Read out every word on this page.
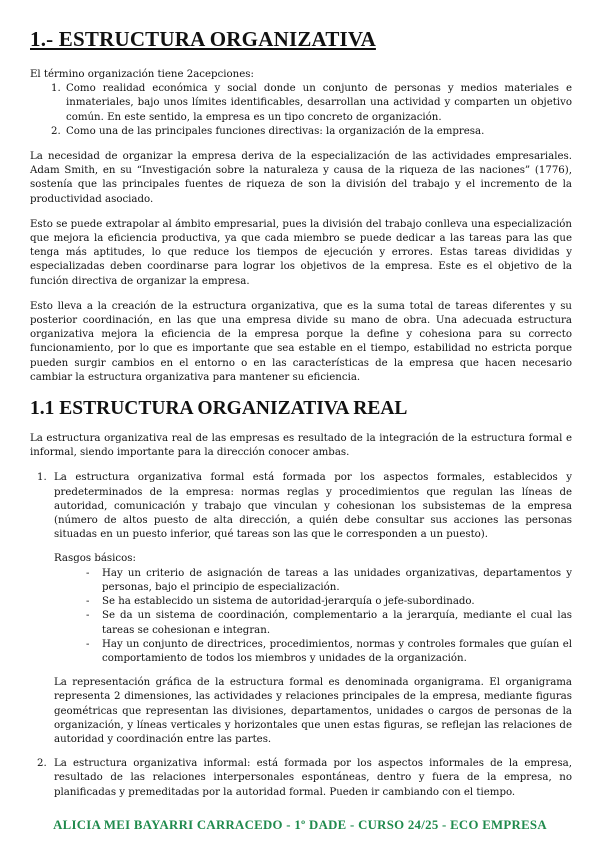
1.- ESTRUCTURA ORGANIZATIVA

El término organización tiene 2acepciones:

1. Como realidad económica y social donde un conjunto de personas y medios materiales e inmateriales, bajo unos límites identificables, desarrollan una actividad y comparten un objetivo común. En este sentido, la empresa es un tipo concreto de organización.
2. Como una de las principales funciones directivas: la organización de la empresa.

La necesidad de organizar la empresa deriva de la especialización de las actividades empresariales. Adam Smith, en su “Investigación sobre la naturaleza y causa de la riqueza de las naciones” (1776), sostenía que las principales fuentes de riqueza de son la división del trabajo y el incremento de la productividad asociado.

Esto se puede extrapolar al ámbito empresarial, pues la división del trabajo conlleva una especialización que mejora la eficiencia productiva, ya que cada miembro se puede dedicar a las tareas para las que tenga más aptitudes, lo que reduce los tiempos de ejecución y errores. Estas tareas divididas y especializadas deben coordinarse para lograr los objetivos de la empresa. Este es el objetivo de la función directiva de organizar la empresa.

Esto lleva a la creación de la estructura organizativa, que es la suma total de tareas diferentes y su posterior coordinación, en las que una empresa divide su mano de obra. Una adecuada estructura organizativa mejora la eficiencia de la empresa porque la define y cohesiona para su correcto funcionamiento, por lo que es importante que sea estable en el tiempo, estabilidad no estricta porque pueden surgir cambios en el entorno o en las características de la empresa que hacen necesario cambiar la estructura organizativa para mantener su eficiencia.

1.1 ESTRUCTURA ORGANIZATIVA REAL

La estructura organizativa real de las empresas es resultado de la integración de la estructura formal e informal, siendo importante para la dirección conocer ambas.

1. La estructura organizativa formal está formada por los aspectos formales, establecidos y predeterminados de la empresa: normas reglas y procedimientos que regulan las líneas de autoridad, comunicación y trabajo que vinculan y cohesionan los subsistemas de la empresa (número de altos puesto de alta dirección, a quién debe consultar sus acciones las personas situadas en un puesto inferior, qué tareas son las que le corresponden a un puesto).

Rasgos básicos:

- Hay un criterio de asignación de tareas a las unidades organizativas, departamentos y personas, bajo el principio de especialización.
- Se ha establecido un sistema de autoridad-jerarquía o jefe-subordinado.
- Se da un sistema de coordinación, complementario a la jerarquía, mediante el cual las tareas se cohesionan e integran.
- Hay un conjunto de directrices, procedimientos, normas y controles formales que guían el comportamiento de todos los miembros y unidades de la organización.

La representación gráfica de la estructura formal es denominada organigrama. El organigrama representa 2 dimensiones, las actividades y relaciones principales de la empresa, mediante figuras geométricas que representan las divisiones, departamentos, unidades o cargos de personas de la organización, y líneas verticales y horizontales que unen estas figuras, se reflejan las relaciones de autoridad y coordinación entre las partes.

2. La estructura organizativa informal: está formada por los aspectos informales de la empresa, resultado de las relaciones interpersonales espontáneas, dentro y fuera de la empresa, no planificadas y premeditadas por la autoridad formal. Pueden ir cambiando con el tiempo.

ALICIA MEI BAYARRI CARRACEDO - 1º DADE - CURSO 24/25 - ECO EMPRESA
